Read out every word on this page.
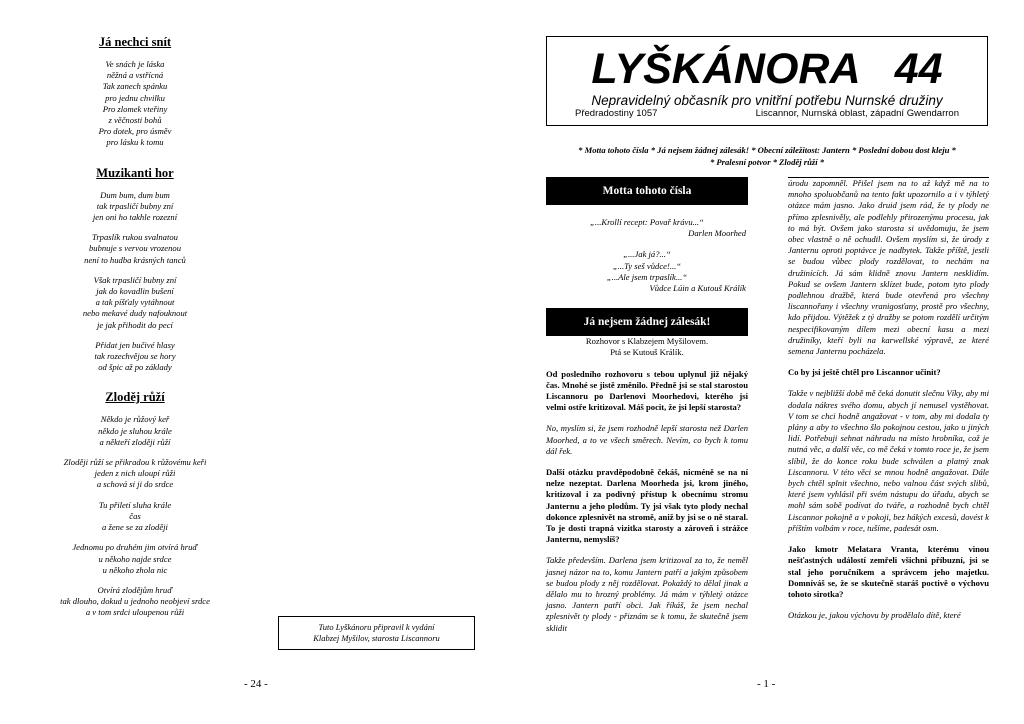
Já nechci snít
Ve snách je láska
něžná a vstřícná
Tak zanech spánku
pro jednu chvilku
Pro zlomek vteřiny
z věčnosti bohů
Pro dotek, pro úsměv
pro lásku k tomu
Muzikanti hor
Dum bum, dum bum
tak trpasličí bubny zní
jen oni ho takhle rozezní
Trpaslík rukou svalnatou
bubnuje s vervou vrozenou
není to hudba krásných tanců
Však trpasličí bubny zní
jak do kovadlin bušení
a tak píšťaly vytáhnout
nebo mekavé dudy nafouknout
je jak přihodit do pecí
Přidat jen bučivé hlasy
tak rozechvějou se hory
od špic až po základy
Zloděj růží
Někdo je růžový keř
někdo je sluhou krále
a někteří zloději růží
Zloději růží se přikradou k růžovému keři
jeden z nich uloupí růži
a schová si ji do srdce
Tu přiletí sluha krále
čas
a žene se za zloději
Jednomu po druhém jim otvírá hruď
u někoho najde srdce
u někoho zhola nic
Otvírá zlodějům hruď
tak dlouho, dokud u jednoho neobjeví srdce
a v tom srdci uloupenou růži
Tuto Lyškánoru připravil k vydání
Klabzej Myšilov, starosta Liscannoru
- 24 -
LYŠKÁNORA   44
Nepravidelný občasník pro vnitřní potřebu Nurnské družiny
Předradostiny 1057	Liscannor, Nurnská oblast, západní Gwendarron
* Motta tohoto čísla * Já nejsem žádnej zálesák! * Obecní záležitost: Jantern * Poslední dobou dost kleju *
* Pralesní potvor * Zloděj růží *
Motta tohoto čísla
„...Krollí recept: Povař krávu...“
Darlen Moorhed
„...Jak já?...“
„...Ty seš vůdce!...“
„...Ale jsem trpaslík...“
Vůdce Lúin a Kutouš Králík
Já nejsem žádnej zálesák!
Rozhovor s Klabzejem Myšilovem.
Ptá se Kutouš Králík.
Od posledního rozhovoru s tebou uplynul již nějaký čas. Mnohé se jistě změnilo. Předně jsi se stal starostou Liscannoru po Darlenovi Moorhedovi, kterého jsi velmi ostře kritizoval. Máš pocit, že jsi lepší starosta?
No, myslím si, že jsem rozhodně lepší starosta než Darlen Moorhed, a to ve všech směrech. Nevím, co bych k tomu dál řek.
Další otázku pravděpodobně čekáš, nicméně se na ní nelze nezeptat. Darlena Moorheda jsi, krom jiného, kritizoval i za podivný přístup k obecnímu stromu Janternu a jeho plodům. Ty jsi však tyto plody nechal dokonce zplesnivět na stromě, aniž by jsi se o ně staral. To je dosti trapná vizitka starosty a zároveň i strážce Janternu, nemyslíš?
Takže především. Darlena jsem kritizoval za to, že neměl jasnej názor na to, komu Jantern patří a jakým způsobem se budou plody z něj rozdělovat. Pokaždý to dělal jinak a dělalo mu to hrozný problémy. Já mám v týhletý otázce jasno. Jantern patří obci. Jak říkáš, že jsem nechal zplesnivět ty plody - přiznám se k tomu, že skutečně jsem sklidit
úrodu zapomněl. Přišel jsem na to až když mě na to mnoho spoluobčanů na tento fakt upozornilo a i v týhletý otázce mám jasno. Jako druid jsem rád, že ty plody ne přímo zplesnivěly, ale podlehly přirozenýmu procesu, jak to má být. Ovšem jako starosta si uvědomuju, že jsem obec vlastně o ně ochudil. Ovšem myslím si, že úrody z Janternu oproti poptávce je nadbytek. Takže příště, jestli se budou vůbec plody rozdělovat, to nechám na družinících. Já sám klidně znovu Jantern nesklidím. Pokud se ovšem Jantern sklízet bude, potom tyto plody podlehnou dražbě, která bude otevřená pro všechny liscannořany i všechny vranigosťany, prostě pro všechny, kdo přijdou. Výtěžek z tý dražby se potom rozdělí určitým nespecifikovaným dílem mezi obecní kasu a mezi družiníky, kteří byli na karwellské výpravě, ze které semena Janternu pocházela.
Co by jsi ještě chtěl pro Liscannor učinit?
Takže v nejbližší době mě čeká donutit slečnu Víky, aby mi dodala nákres svého domu, abych jí nemusel vystěhovat. V tom se chci hodně angažovat - v tom, aby mi dodala ty plány a aby to všechno šlo pokojnou cestou, jako u jiných lidí. Potřebuji sehnat náhradu na místo hrobníka, což je nutná věc, a další věc, co mě čeká v tomto roce je, že jsem slíbil, že do konce roku bude schválen a platný znak Liscannoru. V této věci se mnou hodně angažovat. Dále bych chtěl splnit všechno, nebo valnou část svých slibů, které jsem vyhlásil při svém nástupu do úřadu, abych se mohl sám sobě podívat do tváře, a rozhodně bych chtěl Liscannor pokojně a v pokoji, bez hákých excesů, dovést k příštím volbám v roce, tušíme, padesát osm.
Jako kmotr Melatara Vranta, kterému vinou nešťastných událostí zemřeli všichni příbuzní, jsi se stal jeho poručníkem a správcem jeho majetku. Domníváš se, že se skutečně staráš poctivě o výchovu tohoto sirotka?
Otázkou je, jakou výchovu by prodělalo dítě, které
- 1 -
